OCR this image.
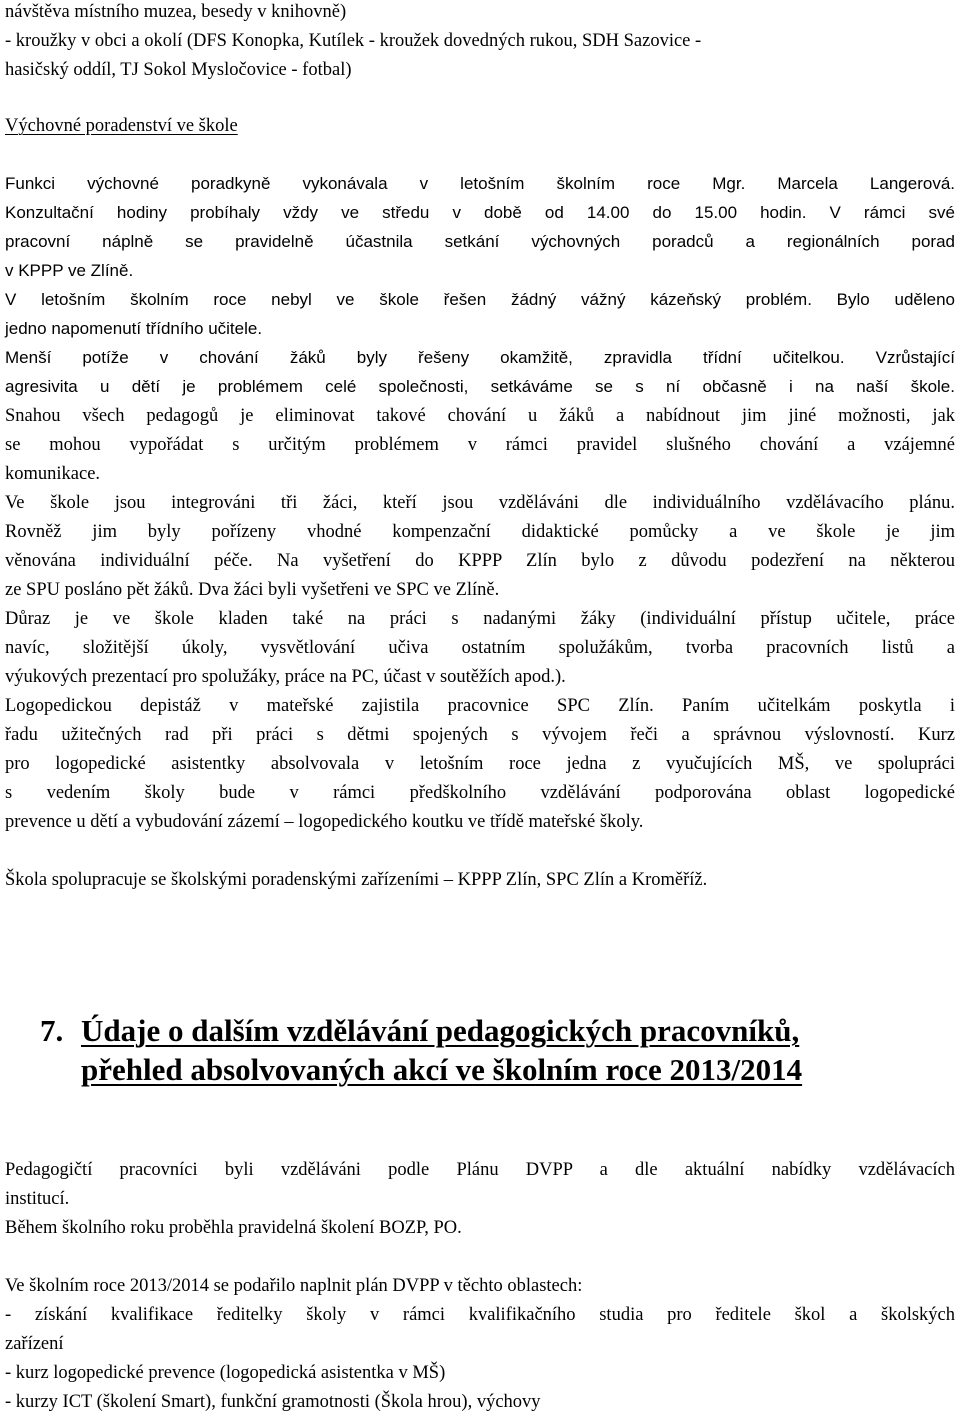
návštěva místního muzea, besedy v knihovně)
- kroužky v obci a okolí (DFS Konopka, Kutílek - kroužek dovedných rukou, SDH Sazovice -
hasičský oddíl, TJ Sokol Mysločovice - fotbal)
Výchovné poradenství ve škole
Funkci výchovné poradkyně vykonávala v letošním školním roce Mgr. Marcela Langerová.
Konzultační hodiny probíhaly vždy ve středu v době od 14.00 do 15.00 hodin. V rámci své
pracovní náplně se pravidelně účastnila setkání výchovných poradců a regionálních porad
v KPPP ve Zlíně.
V letošním školním roce nebyl ve škole řešen žádný vážný kázeňský problém. Bylo uděleno
jedno napomenutí třídního učitele.
Menší potíže v chování žáků byly řešeny okamžitě, zpravidla třídní učitelkou. Vzrůstající
agresivita u dětí je problémem celé společnosti, setkáváme se s ní občasně i na naší škole.
Snahou všech pedagogů je eliminovat takové chování u žáků a nabídnout jim jiné možnosti, jak
se mohou vypořádat s určitým problémem v rámci pravidel slušného chování a vzájemné
komunikace.
Ve škole jsou integrováni tři žáci, kteří jsou vzděláváni dle individuálního vzdělávacího plánu.
Rovněž jim byly pořízeny vhodné kompenzační didaktické pomůcky a ve škole je jim
věnována individuální péče. Na vyšetření do KPPP Zlín bylo z důvodu podezření na některou
ze SPU posláno pět žáků. Dva žáci byli vyšetřeni ve SPC ve Zlíně.
Důraz je ve škole kladen také na práci s nadanými žáky (individuální přístup učitele, práce
navíc, složitější úkoly, vysvětlování učiva ostatním spolužákům, tvorba pracovních listů a
výukových prezentací pro spolužáky, práce na PC, účast v soutěžích apod.).
Logopedickou depistáž v mateřské zajistila pracovnice SPC Zlín. Paním učitelkám poskytla i
řadu užitečných rad při práci s dětmi spojených s vývojem řeči a správnou výslovností. Kurz
pro logopedické asistentky absolvovala v letošním roce jedna z vyučujících MŠ, ve spolupráci
s vedením školy bude v rámci předškolního vzdělávání podporována oblast logopedické
prevence u dětí a vybudování zázemí – logopedického koutku ve třídě mateřské školy.
Škola spolupracuje se školskými poradenskými zařízeními – KPPP Zlín, SPC Zlín a Kroměříž.
7. Údaje o dalším vzdělávání pedagogických pracovníků,
přehled absolvovaných akcí ve školním roce 2013/2014
Pedagogičtí pracovníci byli vzděláváni podle Plánu DVPP a dle aktuální nabídky vzdělávacích
institucí.
Během školního roku proběhla pravidelná školení BOZP, PO.
Ve školním roce 2013/2014 se podařilo naplnit plán DVPP v těchto oblastech:
- získání kvalifikace ředitelky školy v rámci kvalifikačního studia pro ředitele škol a školských
zařízení
- kurz logopedické prevence (logopedická asistentka v MŠ)
- kurzy ICT (školení Smart), funkční gramotnosti (Škola hrou), výchovy
